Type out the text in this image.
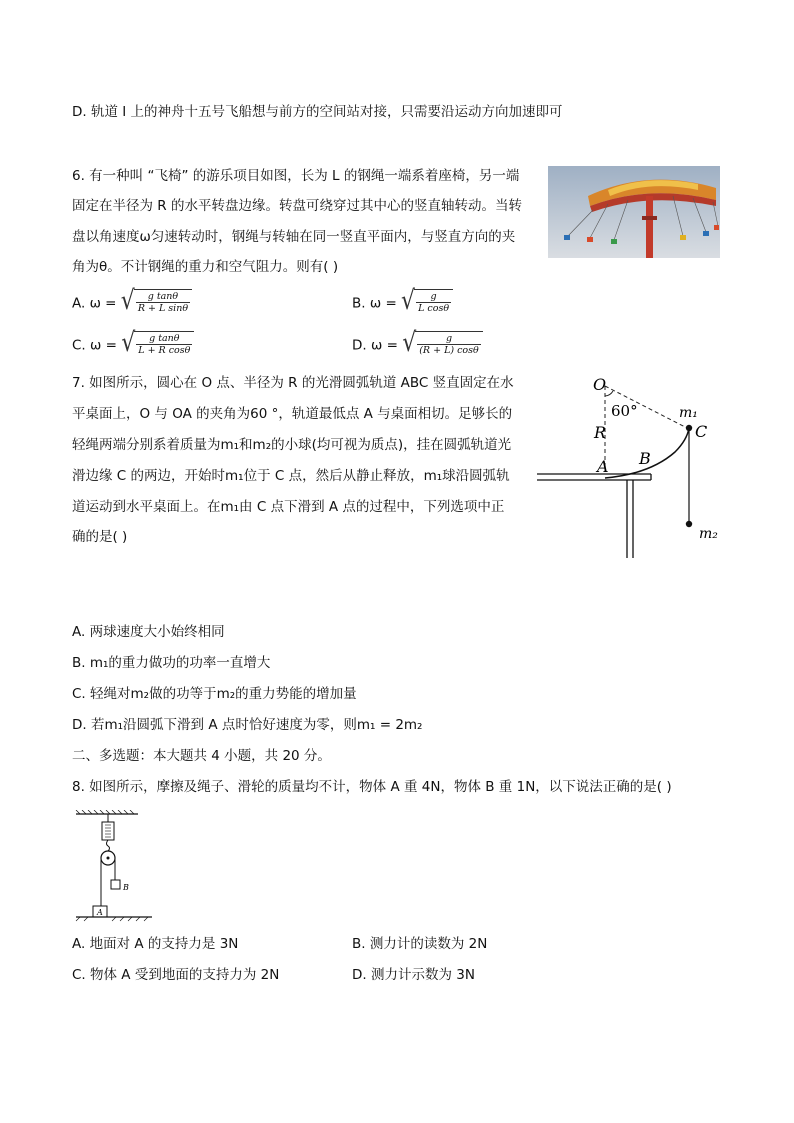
D. 轨道 I 上的神舟十五号飞船想与前方的空间站对接，只需要沿运动方向加速即可
6. 有一种叫 “飞椅” 的游乐项目如图，长为 L 的钢绳一端系着座椅，另一端
固定在半径为 R 的水平转盘边缘。转盘可绕穿过其中心的竖直轴转动。当转
盘以角速度ω匀速转动时，钢绳与转轴在同一竖直平面内，与竖直方向的夹
角为θ。不计钢绳的重力和空气阻力。则有( )
A. ω = √ $\frac{\text{g tanθ}}{\text{R + L sinθ}}$	B. ω = √ $\frac{g}{\text{L cosθ}}$
C. ω = √ $\frac{\text{g tanθ}}{\text{L + R cosθ}}$	D. ω = √ $\frac{g}{(R + L) \cos\theta}$
7. 如图所示，圆心在 O 点、半径为 R 的光滑圆弧轨道 ABC 竖直固定在水
平桌面上，O 与 OA 的夹角为60 °，轨道最低点 A 与桌面相切。足够长的
轻绳两端分别系着质量为m₁和m₂的小球(均可视为质点)，挂在圆弧轨道光
滑边缘 C 的两边，开始时m₁位于 C 点，然后从静止释放，m₁球沿圆弧轨
道运动到水平桌面上。在m₁由 C 点下滑到 A 点的过程中，下列选项中正
确的是( )
O
60°	m₁
C
R
B
A
m₂
A. 两球速度大小始终相同
B. m₁的重力做功的功率一直增大
C. 轻绳对m₂做的功等于m₂的重力势能的增加量
D. 若m₁沿圆弧下滑到 A 点时恰好速度为零，则m₁ = 2m₂
二、多选题：本大题共 4 小题，共 20 分。
8. 如图所示，摩擦及绳子、滑轮的质量均不计，物体 A 重 4N，物体 B 重 1N，以下说法正确的是( )
B
A
A. 地面对 A 的支持力是 3N	B. 测力计的读数为 2N
C. 物体 A 受到地面的支持力为 2N	D. 测力计示数为 3N
